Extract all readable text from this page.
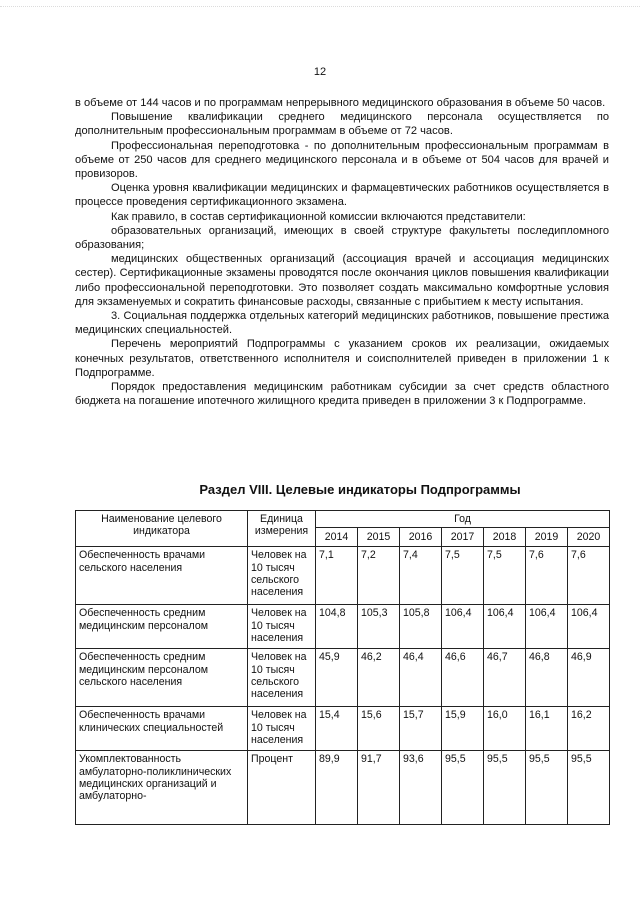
12

в объеме от 144 часов и по программам непрерывного медицинского образования в объеме 50 часов.

Повышение квалификации среднего медицинского персонала осуществляется по дополнительным профессиональным программам в объеме от 72 часов.

Профессиональная переподготовка - по дополнительным профессиональным программам в объеме от 250 часов для среднего медицинского персонала и в объеме от 504 часов для врачей и провизоров.

Оценка уровня квалификации медицинских и фармацевтических работников осуществляется в процессе проведения сертификационного экзамена.

Как правило, в состав сертификационной комиссии включаются представители:

образовательных организаций, имеющих в своей структуре факультеты последипломного образования;

медицинских общественных организаций (ассоциация врачей и ассоциация медицинских сестер). Сертификационные экзамены проводятся после окончания циклов повышения квалификации либо профессиональной переподготовки. Это позволяет создать максимально комфортные условия для экзаменуемых и сократить финансовые расходы, связанные с прибытием к месту испытания.

3. Социальная поддержка отдельных категорий медицинских работников, повышение престижа медицинских специальностей.

Перечень мероприятий Подпрограммы с указанием сроков их реализации, ожидаемых конечных результатов, ответственного исполнителя и соисполнителей приведен в приложении 1 к Подпрограмме.

Порядок предоставления медицинским работникам субсидии за счет средств областного бюджета на погашение ипотечного жилищного кредита приведен в приложении 3 к Подпрограмме.

Раздел VIII. Целевые индикаторы Подпрограммы
Наименование целевого индикатора	Единица измерения	Год						
		2014	2015	2016	2017	2018	2019	2020
Обеспеченность врачами сельского населения	Человек на 10 тысяч сельского населения	7,1	7,2	7,4	7,5	7,5	7,6	7,6
Обеспеченность средним медицинским персоналом	Человек на 10 тысяч населения	104,8	105,3	105,8	106,4	106,4	106,4	106,4
Обеспеченность средним медицинским персоналом сельского населения	Человек на 10 тысяч сельского населения	45,9	46,2	46,4	46,6	46,7	46,8	46,9
Обеспеченность врачами клинических специальностей	Человек на 10 тысяч населения	15,4	15,6	15,7	15,9	16,0	16,1	16,2
Укомплектованность амбулаторно-поликлинических медицинских организаций и амбулаторно-	Процент	89,9	91,7	93,6	95,5	95,5	95,5	95,5
